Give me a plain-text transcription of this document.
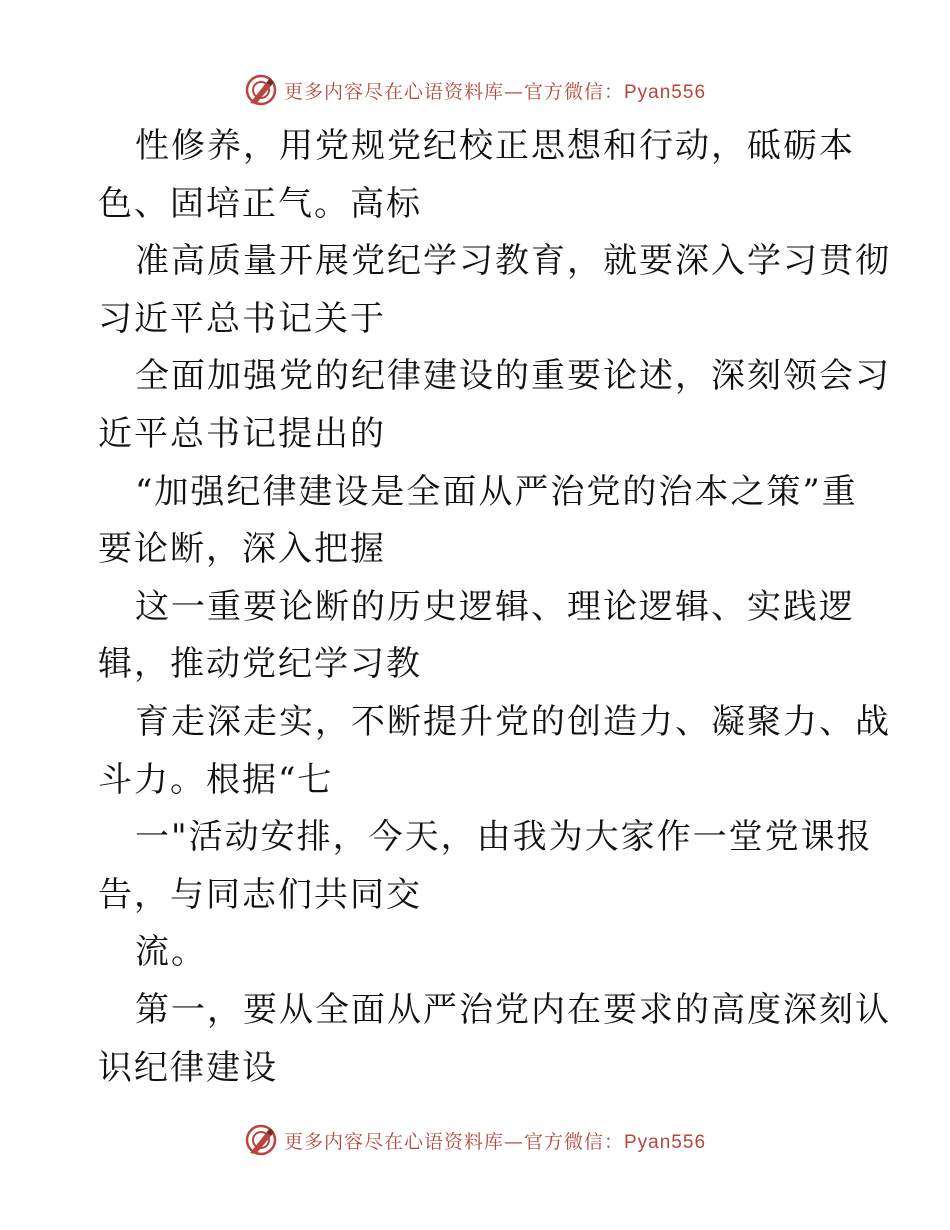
更多内容尽在心语资料库—官方微信：Pyan556
性修养，用党规党纪校正思想和行动，砥砺本
色、固培正气。高标
准高质量开展党纪学习教育，就要深入学习贯彻
习近平总书记关于
全面加强党的纪律建设的重要论述，深刻领会习
近平总书记提出的
“加强纪律建设是全面从严治党的治本之策”重
要论断，深入把握
这一重要论断的历史逻辑、理论逻辑、实践逻
辑，推动党纪学习教
育走深走实，不断提升党的创造力、凝聚力、战
斗力。根据“七
一"活动安排，今天，由我为大家作一堂党课报
告，与同志们共同交
流。
第一，要从全面从严治党内在要求的高度深刻认
识纪律建设
更多内容尽在心语资料库—官方微信：Pyan556
